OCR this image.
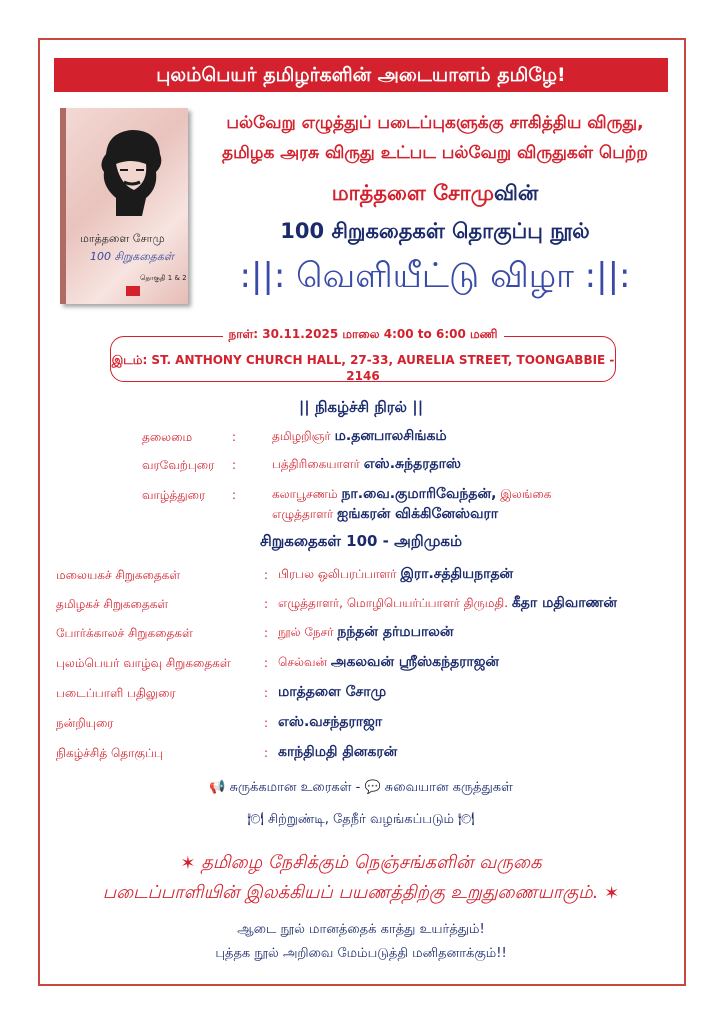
புலம்பெயர் தமிழர்களின் அடையாளம் தமிழே!
மாத்தளை சோமு
100 சிறுகதைகள்
தொகுதி 1 & 2
பல்வேறு எழுத்துப் படைப்புகளுக்கு சாகித்திய விருது,
தமிழக அரசு விருது உட்பட பல்வேறு விருதுகள் பெற்ற
மாத்தளை சோமுவின்
100 சிறுகதைகள் தொகுப்பு நூல்
:||: வெளியீட்டு விழா :||:
நாள்: 30.11.2025 மாலை 4:00 to 6:00 மணி
இடம்: ST. ANTHONY CHURCH HALL, 27-33, AURELIA STREET, TOONGABBIE - 2146
|| நிகழ்ச்சி நிரல் ||
தலைமை	:	தமிழறிஞர் ம.தனபாலசிங்கம்
வரவேற்புரை :	பத்திரிகையாளர் எஸ்.சுந்தரதாஸ்
வாழ்த்துரை :	கலாபூசணம் நா.வை.குமாரிவேந்தன், இலங்கை
எழுத்தாளர் ஐங்கரன் விக்கினேஸ்வரா
சிறுகதைகள் 100 - அறிமுகம்
மலையகச் சிறுகதைகள்	: பிரபல ஒலிபரப்பாளர் இரா.சத்தியநாதன்
தமிழகச் சிறுகதைகள்	: எழுத்தாளர், மொழிபெயர்ப்பாளர் திருமதி. கீதா மதிவாணன்
போர்க்காலச் சிறுகதைகள்	: நூல் நேசர் நந்தன் தர்மபாலன்
புலம்பெயர் வாழ்வு சிறுகதைகள்	: செல்வன் அகலவன் ஸ்ரீஸ்கந்தராஜன்
படைப்பாளி பதிலுரை	: மாத்தளை சோமு
நன்றியுரை	: எஸ்.வசந்தராஜா
நிகழ்ச்சித் தொகுப்பு	: காந்திமதி தினகரன்
📢 சுருக்கமான உரைகள் - 💬 சுவையான கருத்துகள்
🍽 சிற்றுண்டி, தேநீர் வழங்கப்படும் 🍽
✶ தமிழை நேசிக்கும் நெஞ்சங்களின் வருகை
படைப்பாளியின் இலக்கியப் பயணத்திற்கு உறுதுணையாகும். ✶
ஆடை நூல் மானத்தைக் காத்து உயர்த்தும்!
புத்தக நூல் அறிவை மேம்படுத்தி மனிதனாக்கும்!!
